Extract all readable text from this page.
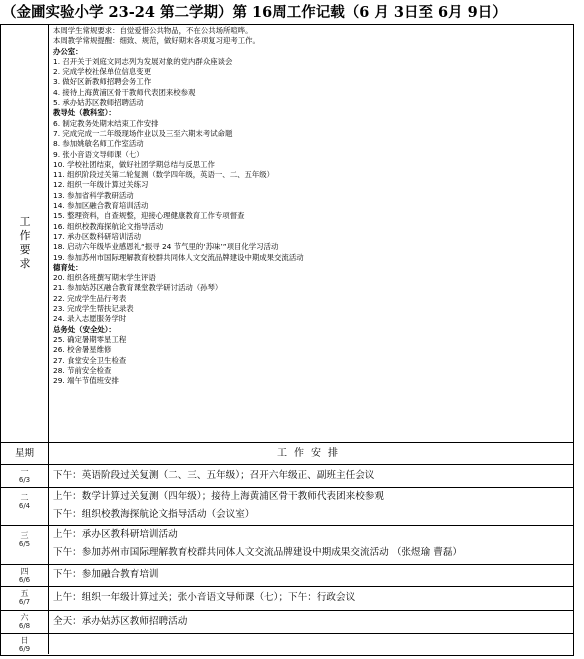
（金圃实验小学 23-24 第二学期）第 16周工作记载（6 月 3日至 6月 9日）
工
作
要
求
本周学生常规要求：自觉爱惜公共物品，不在公共场所喧哗。
本周教学常规提醒：细致、规范，做好期末各项复习迎考工作。
办公室：
1. 召开关于刘庭文同志列为发展对象的党内群众座谈会
2. 完成学校社保单位信息变更
3. 做好区新教师招聘会务工作
4. 接待上海黄浦区骨干教师代表团来校参观
5. 承办姑苏区教师招聘活动
教导处（教科室）：
6. 制定教务处期末结束工作安排
7. 完成完成一二年级现场作业以及三至六期末考试命题
8. 参加姚敏名师工作室活动
9. 张小音语文导师课（七）
10. 学校社团结束，做好社团学期总结与反思工作
11. 组织阶段过关第二轮复测（数学四年级，英语一、二、五年级）
12. 组织一年级计算过关练习
13. 参加省科学教研活动
14. 参加区融合教育培训活动
15. 整理资料，自查规整，迎接心理健康教育工作专项督查
16. 组织校教海探航论文指导活动
17. 承办区数科研培训活动
18. 启动六年级毕业感恩礼“振寻 24 节气里的‘苏味’”项目化学习活动
19. 参加苏州市国际理解教育校群共同体人文交流品牌建设中期成果交流活动
德育处：
20. 组织各班撰写期末学生评语
21. 参加姑苏区融合教育课堂教学研讨活动（孙琴）
22. 完成学生品行考表
23. 完成学生帮扶记录表
24. 录入志愿服务学时
总务处（安全处）：
25. 确定暑期零星工程
26. 校舍暑星维修
27. 食堂安全卫生检查
28. 节前安全检查
29. 端午节值班安排
星期	工作安排
一
6/3	下午：英语阶段过关复测（二、三、五年级）；召开六年级正、副班主任会议
二
6/4
上午：数学计算过关复测（四年级）；接待上海黄浦区骨干教师代表团来校参观
下午：组织校教海探航论文指导活动（会议室）
三
6/5
上午：承办区教科研培训活动
下午：参加苏州市国际理解教育校群共同体人文交流品牌建设中期成果交流活动 （张煜瑜 曹磊）
四
6/6	下午：参加融合教育培训
五
6/7	上午：组织一年级计算过关；张小音语文导师课（七）；下午：行政会议
六
6/8	全天：承办姑苏区教师招聘活动
日
6/9
